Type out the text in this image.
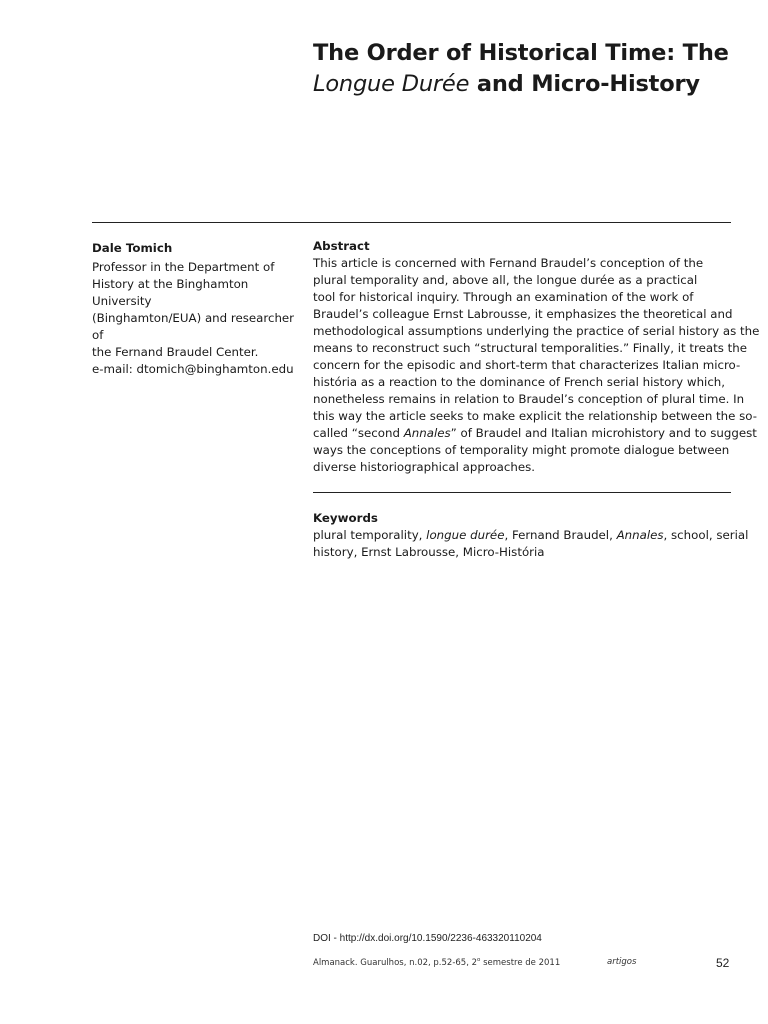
The Order of Historical Time: The
Longue Durée and Micro-History

Dale Tomich

Professor in the Department of
History at the Binghamton University
(Binghamton/EUA) and researcher of
the Fernand Braudel Center.
e-mail: dtomich@binghamton.edu

Abstract

This article is concerned with Fernand Braudel’s conception of the
plural temporality and, above all, the longue durée as a practical
tool for historical inquiry. Through an examination of the work of
Braudel’s colleague Ernst Labrousse, it emphasizes the theoretical and
methodological assumptions underlying the practice of serial history as the
means to reconstruct such “structural temporalities.” Finally, it treats the
concern for the episodic and short-term that characterizes Italian micro-
história as a reaction to the dominance of French serial history which,
nonetheless remains in relation to Braudel’s conception of plural time. In
this way the article seeks to make explicit the relationship between the so-
called “second Annales” of Braudel and Italian microhistory and to suggest
ways the conceptions of temporality might promote dialogue between
diverse historiographical approaches.

Keywords

plural temporality, longue durée, Fernand Braudel, Annales, school, serial
history, Ernst Labrousse, Micro-História
DOI - http://dx.doi.org/10.1590/2236-463320110204
Almanack. Guarulhos, n.02, p.52-65, 2$^o$ semestre de 2011	artigos	52
